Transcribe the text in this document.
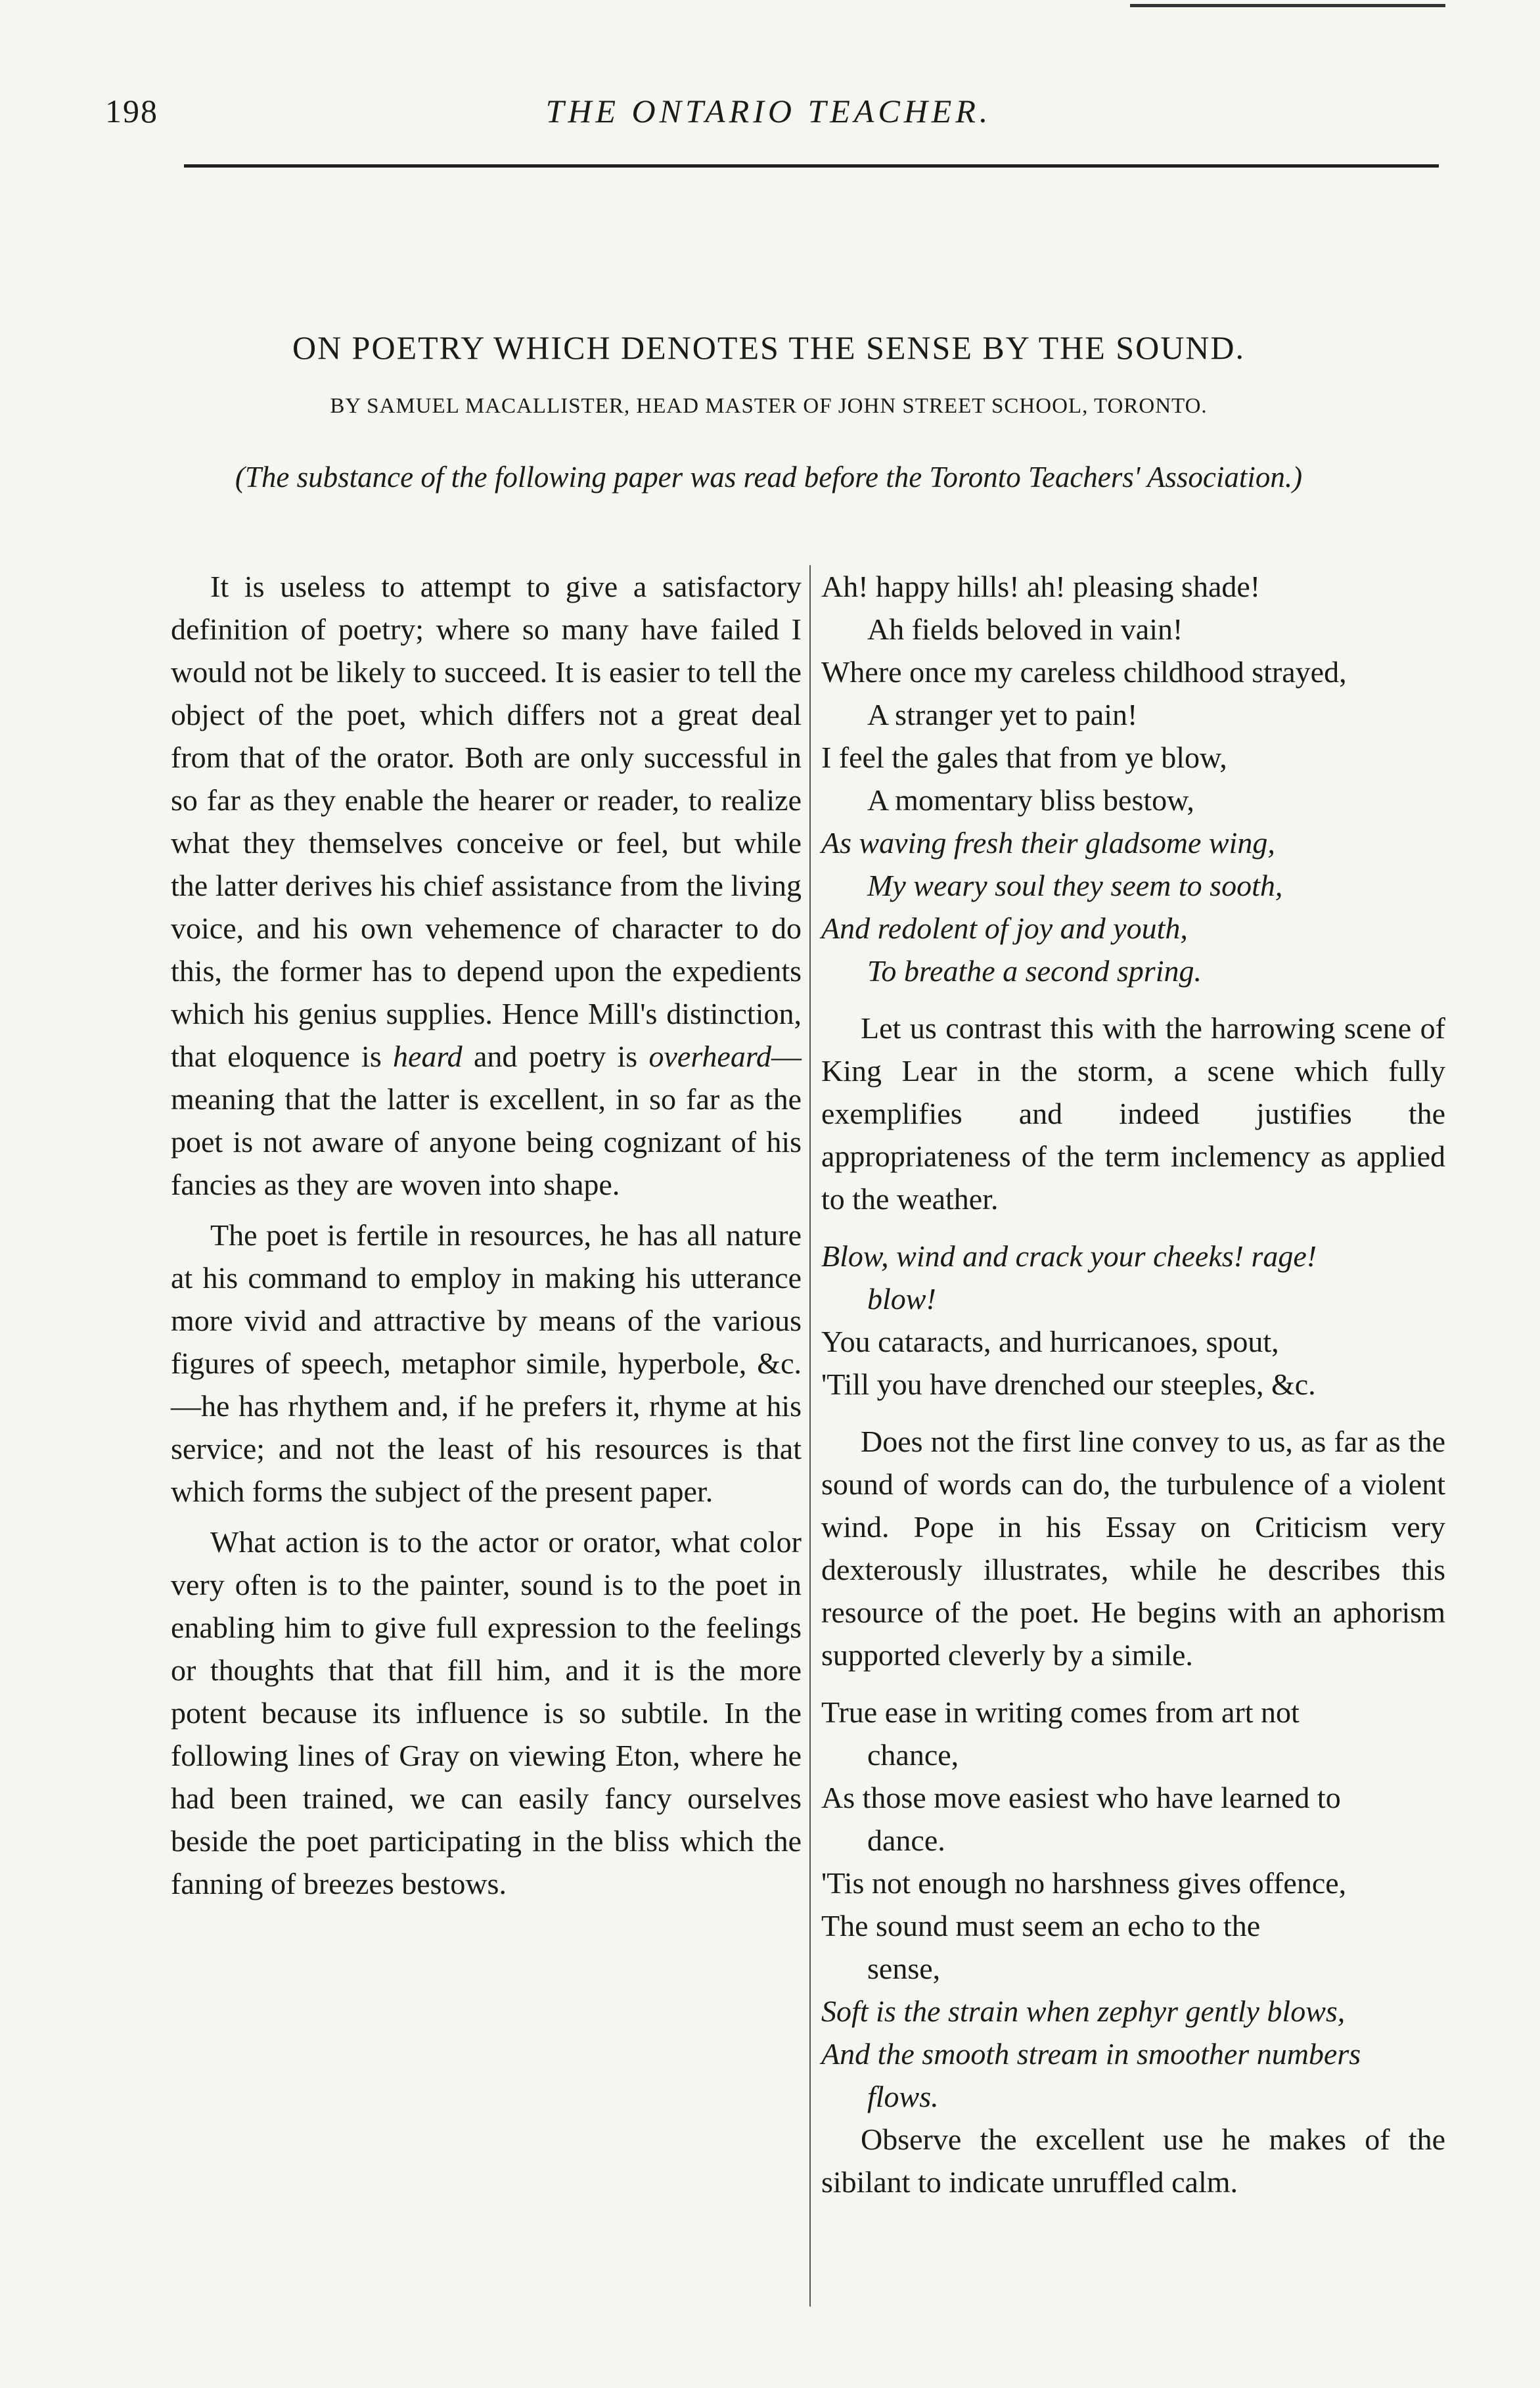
198	THE ONTARIO TEACHER.
ON POETRY WHICH DENOTES THE SENSE BY THE SOUND.
BY SAMUEL MACALLISTER, HEAD MASTER OF JOHN STREET SCHOOL, TORONTO.
(The substance of the following paper was read before the Toronto Teachers' Association.)

It is useless to attempt to give a satisfactory definition of poetry; where so many have failed I would not be likely to succeed. It is easier to tell the object of the poet, which differs not a great deal from that of the orator. Both are only successful in so far as they enable the hearer or reader, to realize what they themselves conceive or feel, but while the latter derives his chief assistance from the living voice, and his own vehemence of character to do this, the former has to depend upon the expedients which his genius supplies. Hence Mill's distinction, that eloquence is heard and poetry is overheard—meaning that the latter is excellent, in so far as the poet is not aware of anyone being cognizant of his fancies as they are woven into shape.

The poet is fertile in resources, he has all nature at his command to employ in making his utterance more vivid and attractive by means of the various figures of speech, metaphor simile, hyperbole, &c.—he has rhythem and, if he prefers it, rhyme at his service; and not the least of his resources is that which forms the subject of the present paper.

What action is to the actor or orator, what color very often is to the painter, sound is to the poet in enabling him to give full expression to the feelings or thoughts that that fill him, and it is the more potent because its influence is so subtile. In the following lines of Gray on viewing Eton, where he had been trained, we can easily fancy ourselves beside the poet participating in the bliss which the fanning of breezes bestows.

Ah! happy hills! ah! pleasing shade!
Ah fields beloved in vain!
Where once my careless childhood strayed,
A stranger yet to pain!
I feel the gales that from ye blow,
A momentary bliss bestow,
As waving fresh their gladsome wing,
My weary soul they seem to sooth,
And redolent of joy and youth,
To breathe a second spring.

Let us contrast this with the harrowing scene of King Lear in the storm, a scene which fully exemplifies and indeed justifies the appropriateness of the term inclemency as applied to the weather.

Blow, wind and crack your cheeks! rage!
blow!
You cataracts, and hurricanoes, spout,
'Till you have drenched our steeples, &c.

Does not the first line convey to us, as far as the sound of words can do, the turbulence of a violent wind. Pope in his Essay on Criticism very dexterously illustrates, while he describes this resource of the poet. He begins with an aphorism supported cleverly by a simile.

True ease in writing comes from art not
chance,
As those move easiest who have learned to
dance.
'Tis not enough no harshness gives offence,
The sound must seem an echo to the
sense,
Soft is the strain when zephyr gently blows,
And the smooth stream in smoother numbers
flows.

Observe the excellent use he makes of the sibilant to indicate unruffled calm.
